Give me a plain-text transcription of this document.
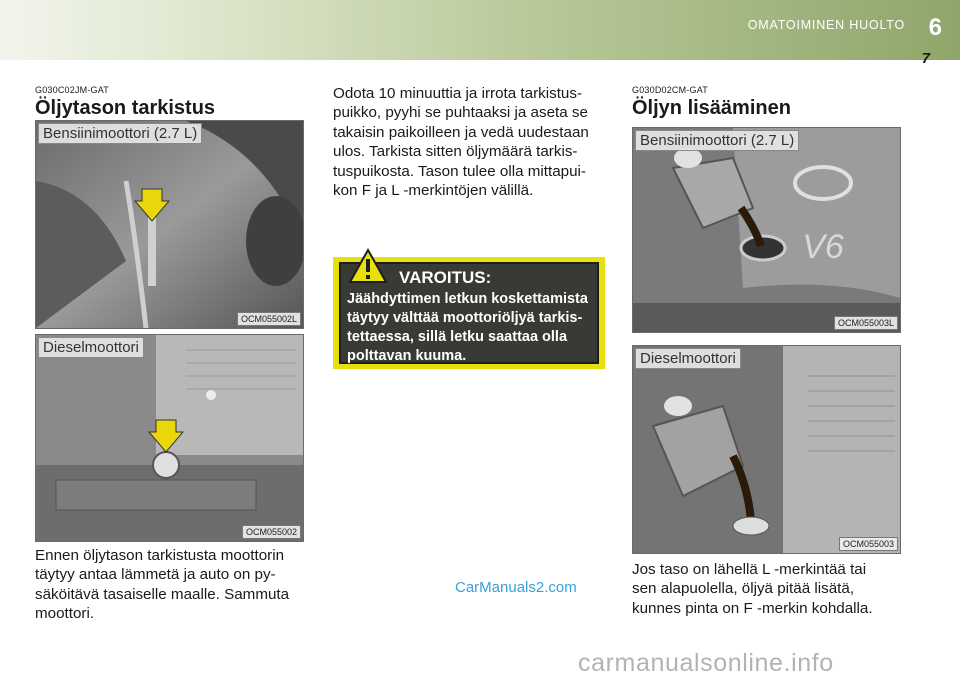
OMATOIMINEN HUOLTO 6
7
G030C02JM-GAT
Öljytason tarkistus
Bensiinimoottori (2.7 L)
OCM055002L
Dieselmoottori
OCM055002

Ennen öljytason tarkistusta moottorin
täytyy antaa lämmetä ja auto on py-
säköitävä tasaiselle maalle. Sammuta
moottori.

Odota 10 minuuttia ja irrota tarkistus-
puikko, pyyhi se puhtaaksi ja aseta se
takaisin paikoilleen ja vedä uudestaan
ulos. Tarkista sitten öljymäärä tarkis-
tuspuikosta. Tason tulee olla mittapui-
kon F ja L -merkintöjen välillä.

VAROITUS:

Jäähdyttimen letkun koskettamista
täytyy välttää moottoriöljyä tarkis-
tettaessa, sillä letku saattaa olla
polttavan kuuma.

G030D02CM-GAT
Öljyn lisääminen
V6
Bensiinimoottori (2.7 L)
OCM055003L
Dieselmoottori
OCM055003

Jos taso on lähellä L -merkintää tai
sen alapuolella, öljyä pitää lisätä,
kunnes pinta on F -merkin kohdalla.

CarManuals2.com
carmanualsonline.info
